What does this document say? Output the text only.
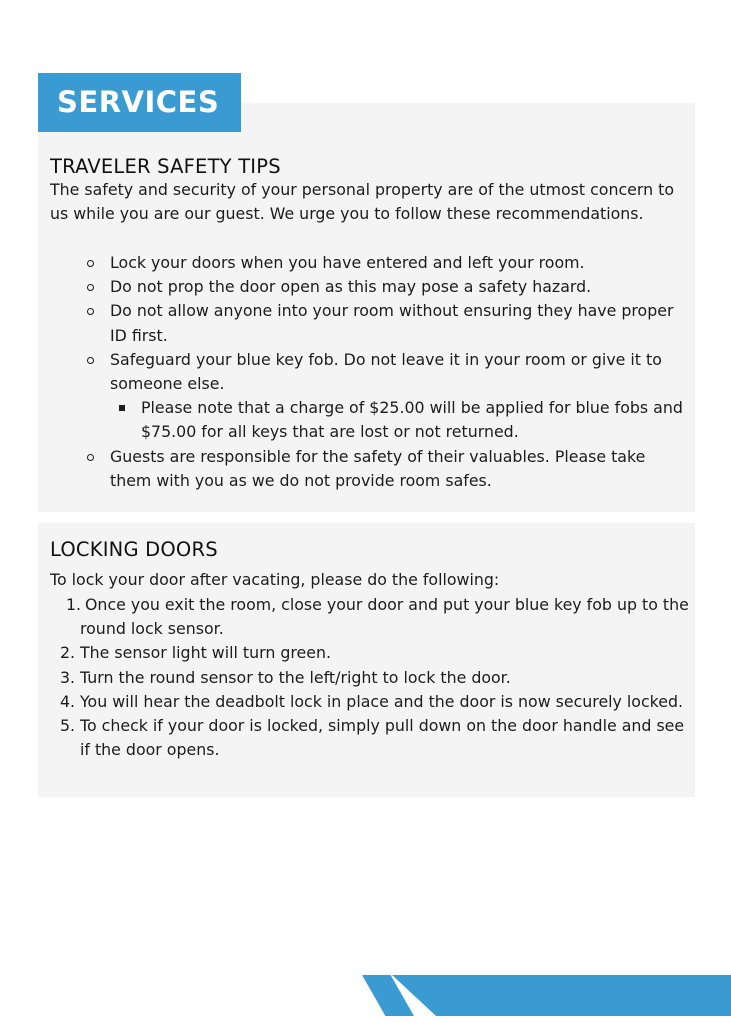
SERVICES
TRAVELER SAFETY TIPS

The safety and security of your personal property are of the utmost concern to us while you are our guest. We urge you to follow these recommendations.

Lock your doors when you have entered and left your room.
Do not prop the door open as this may pose a safety hazard.
Do not allow anyone into your room without ensuring they have proper ID first.
Safeguard your blue key fob. Do not leave it in your room or give it to someone else.
Please note that a charge of $25.00 will be applied for blue fobs and $75.00 for all keys that are lost or not returned.
Guests are responsible for the safety of their valuables. Please take them with you as we do not provide room safes.
LOCKING DOORS

To lock your door after vacating, please do the following:

1. Once you exit the room, close your door and put your blue key fob up to the round lock sensor.
2. The sensor light will turn green.
3. Turn the round sensor to the left/right to lock the door.
4. You will hear the deadbolt lock in place and the door is now securely locked.
5. To check if your door is locked, simply pull down on the door handle and see if the door opens.
